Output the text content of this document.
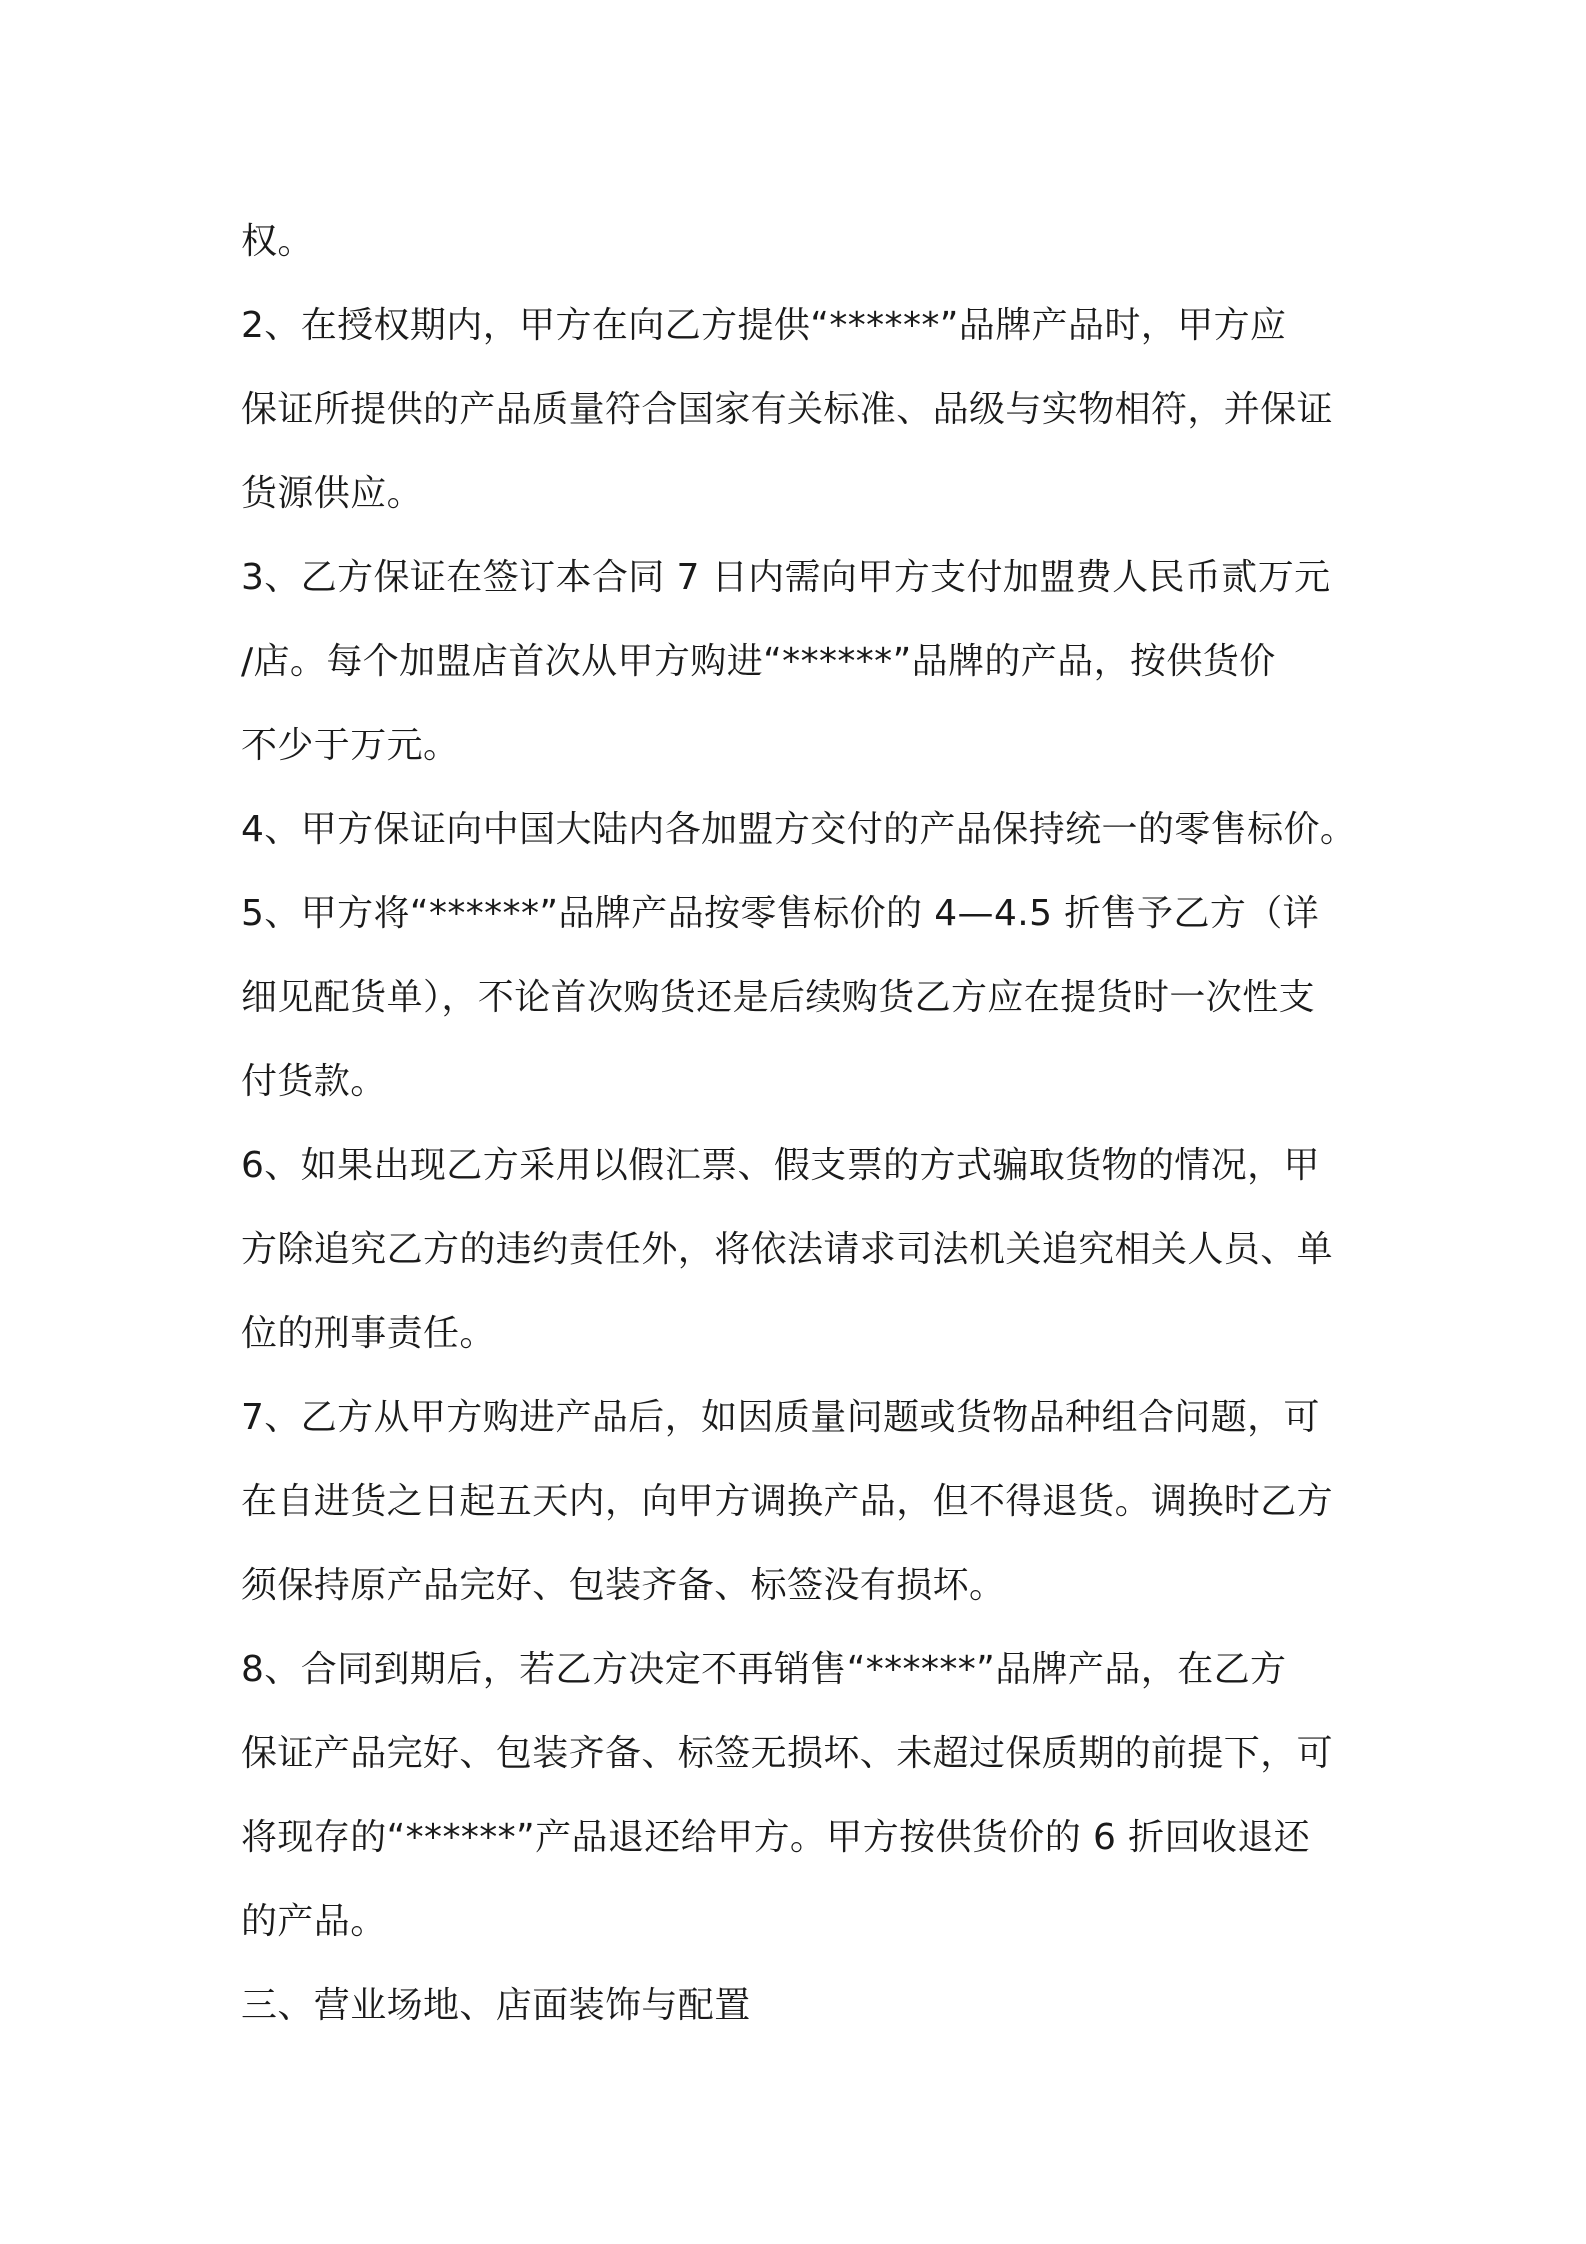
权。
2、在授权期内，甲方在向乙方提供“******”品牌产品时，甲方应
保证所提供的产品质量符合国家有关标准、品级与实物相符，并保证
货源供应。
3、乙方保证在签订本合同 7 日内需向甲方支付加盟费人民币贰万元
/店。每个加盟店首次从甲方购进“******”品牌的产品，按供货价
不少于万元。
4、甲方保证向中国大陆内各加盟方交付的产品保持统一的零售标价。
5、甲方将“******”品牌产品按零售标价的 4—4.5 折售予乙方（详
细见配货单），不论首次购货还是后续购货乙方应在提货时一次性支
付货款。
6、如果出现乙方采用以假汇票、假支票的方式骗取货物的情况，甲
方除追究乙方的违约责任外，将依法请求司法机关追究相关人员、单
位的刑事责任。
7、乙方从甲方购进产品后，如因质量问题或货物品种组合问题，可
在自进货之日起五天内，向甲方调换产品，但不得退货。调换时乙方
须保持原产品完好、包装齐备、标签没有损坏。
8、合同到期后，若乙方决定不再销售“******”品牌产品，在乙方
保证产品完好、包装齐备、标签无损坏、未超过保质期的前提下，可
将现存的“******”产品退还给甲方。甲方按供货价的 6 折回收退还
的产品。
三、营业场地、店面装饰与配置
